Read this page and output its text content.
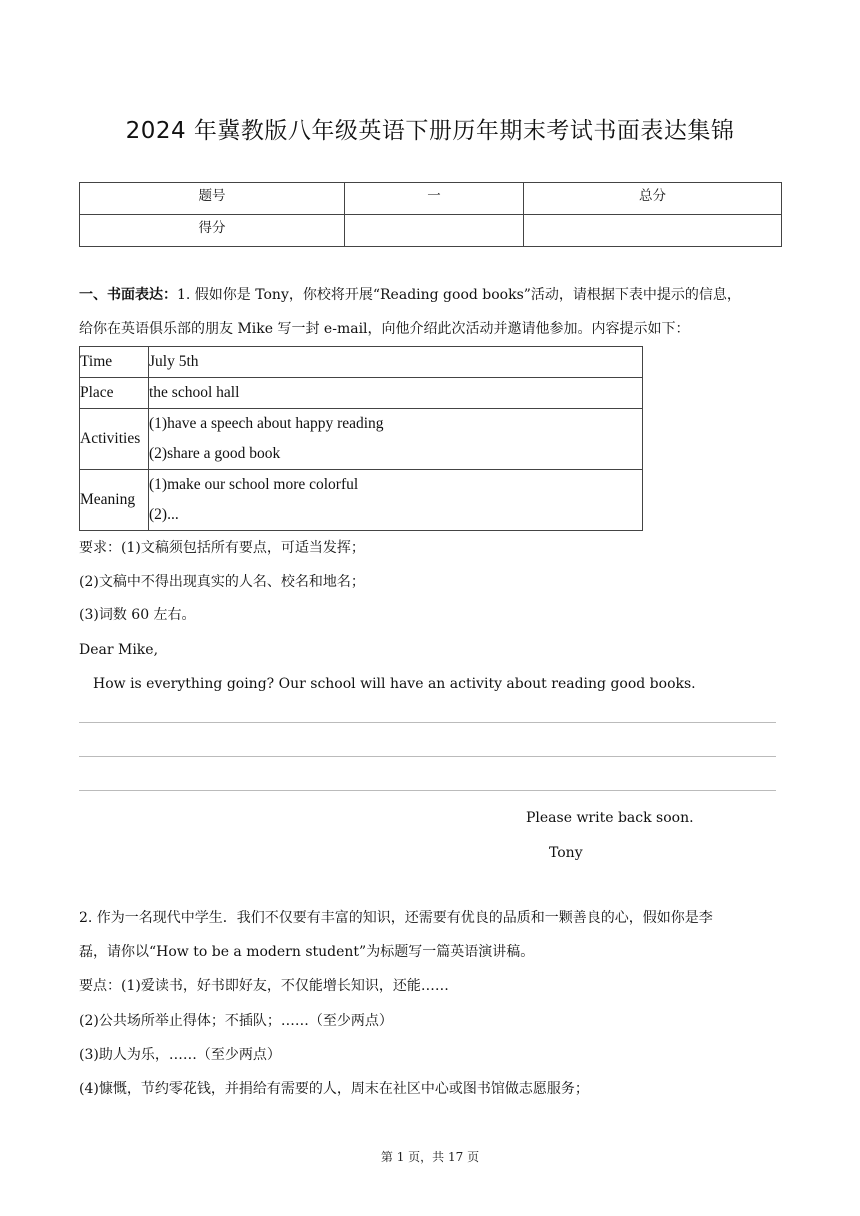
2024 年冀教版八年级英语下册历年期末考试书面表达集锦
题号	一	总分
得分		
一、书面表达：1. 假如你是 Tony，你校将开展“Reading good books”活动，请根据下表中提示的信息，
给你在英语俱乐部的朋友 Mike 写一封 e-mail，向他介绍此次活动并邀请他参加。内容提示如下：
Time	July 5th
Place	the school hall
Activities	(1)have a speech about happy reading
(2)share a good book

Meaning	(1)make our school more colorful
(2)...
要求：(1)文稿须包括所有要点，可适当发挥；
(2)文稿中不得出现真实的人名、校名和地名；
(3)词数 60 左右。
Dear Mike,
How is everything going? Our school will have an activity about reading good books.
Please write back soon.
Tony
2. 作为一名现代中学生．我们不仅要有丰富的知识，还需要有优良的品质和一颗善良的心，假如你是李
磊，请你以“How to be a modern student”为标题写一篇英语演讲稿。
要点：(1)爱读书，好书即好友，不仅能增长知识，还能……
(2)公共场所举止得体；不插队；……（至少两点）
(3)助人为乐，……（至少两点）
(4)慷慨，节约零花钱，并捐给有需要的人，周末在社区中心或图书馆做志愿服务；
第 1 页，共 17 页
